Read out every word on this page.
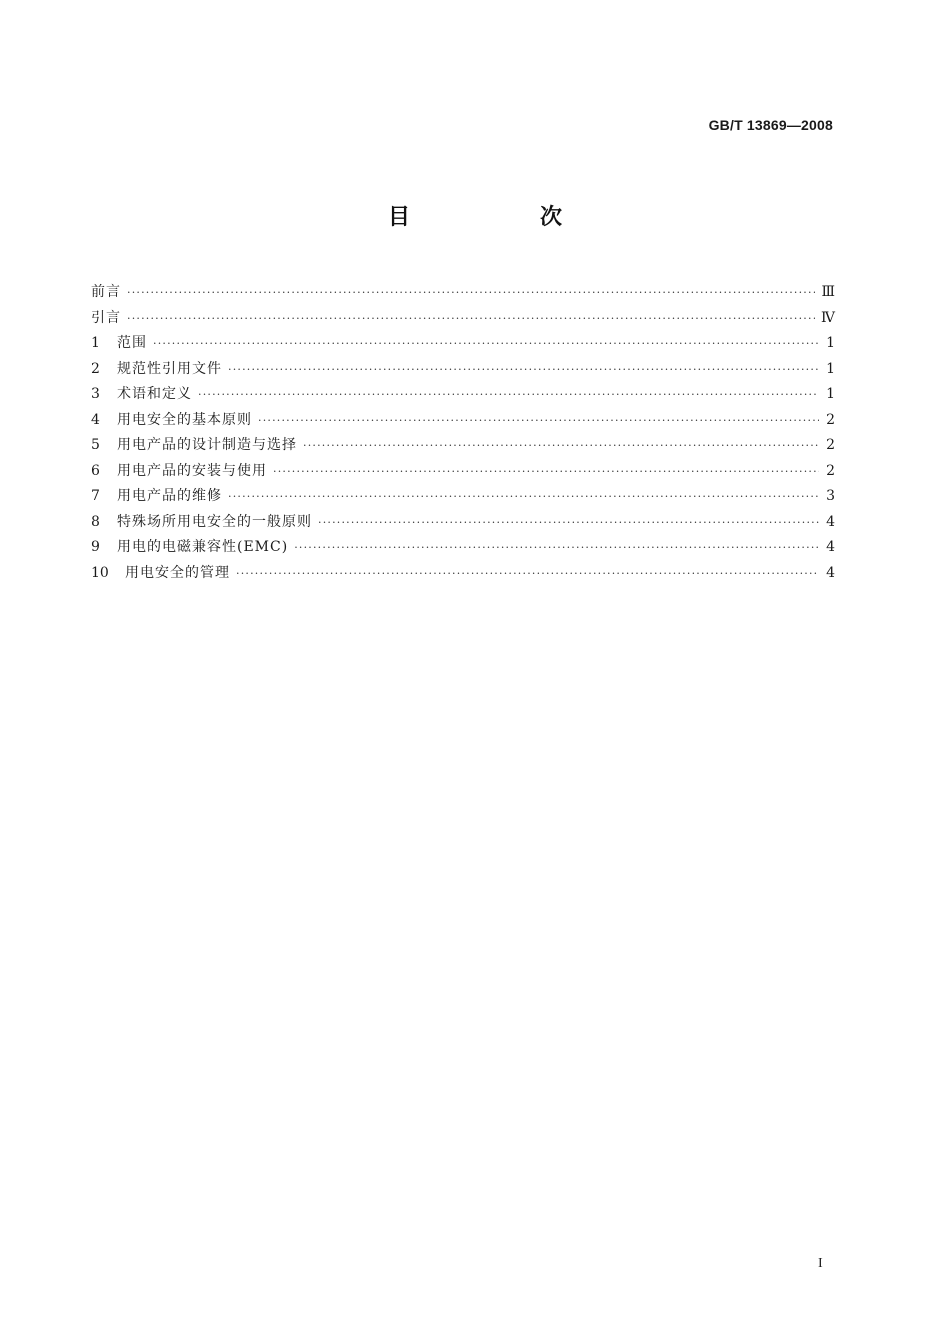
GB/T 13869—2008
目　次
前言 ·····	Ⅲ
引言 ·····	Ⅳ
1	范围 ·····	1
2	规范性引用文件 ·····	1
3	术语和定义 ·····	1
4	用电安全的基本原则 ·····	2
5	用电产品的设计制造与选择 ·····	2
6	用电产品的安装与使用 ·····	2
7	用电产品的维修 ·····	3
8	特殊场所用电安全的一般原则 ·····	4
9	用电的电磁兼容性(EMC) ·····	4
10	用电安全的管理 ·····	4
I
